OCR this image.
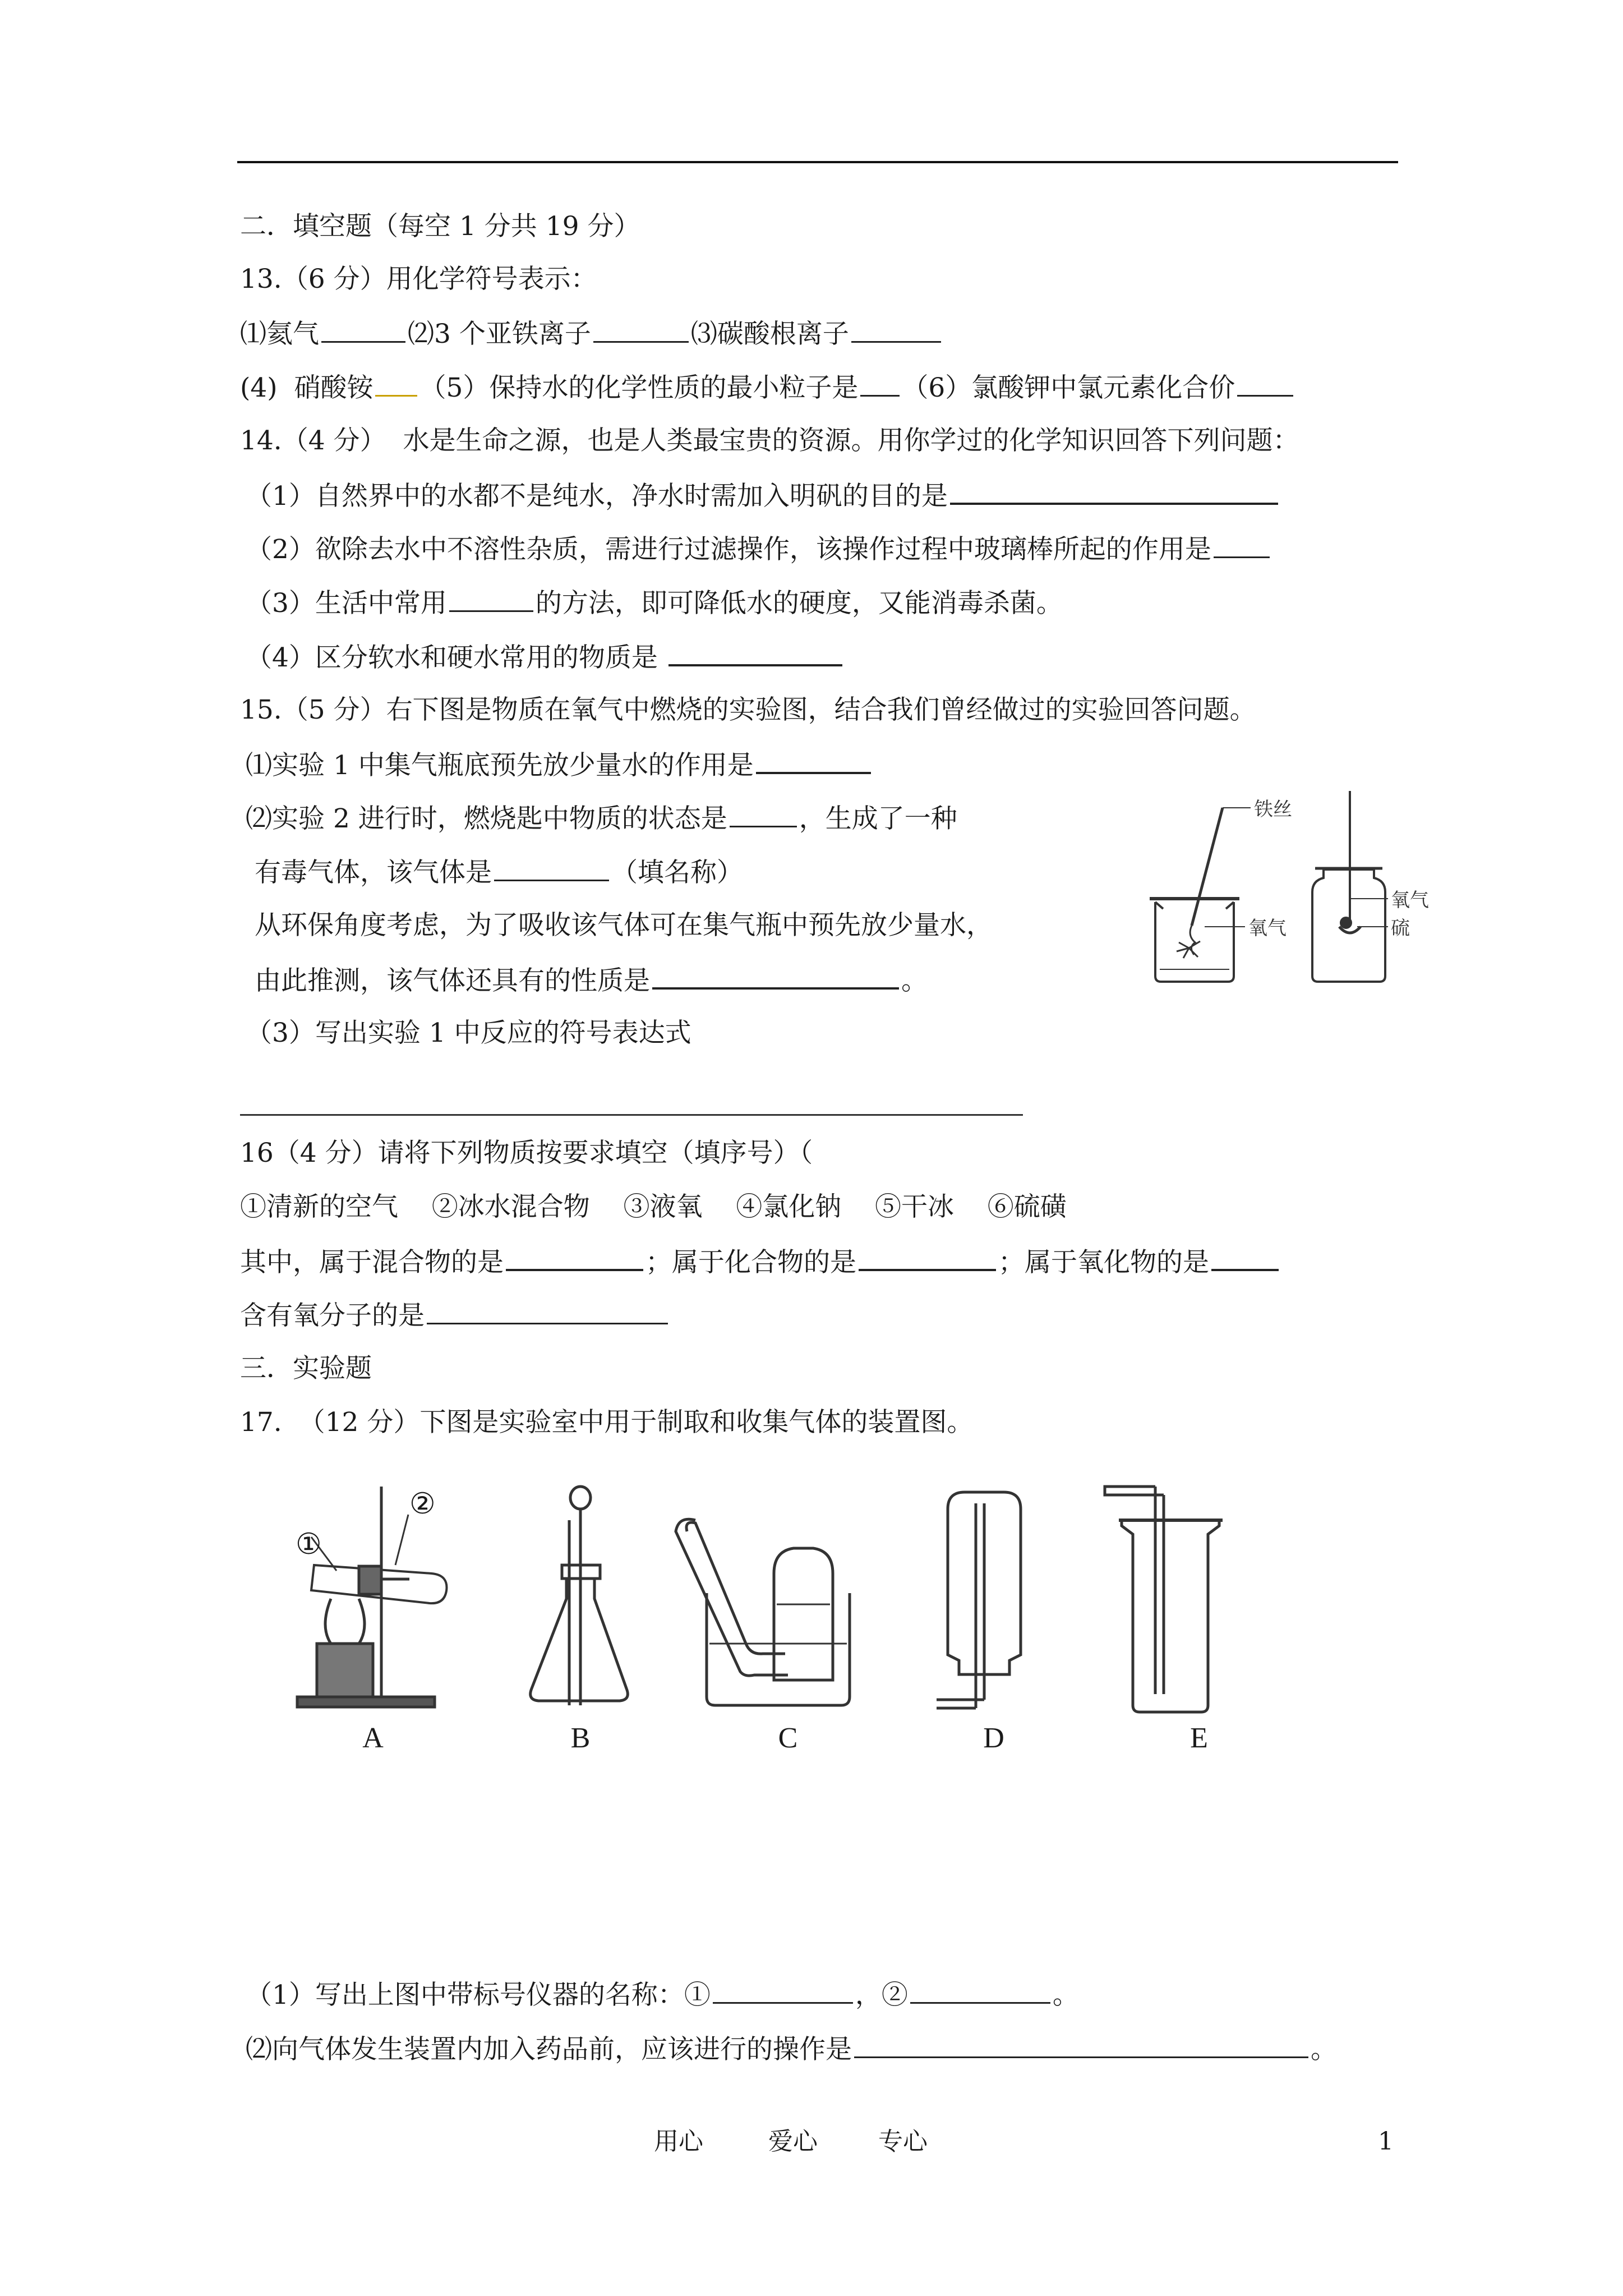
二．填空题（每空 1 分共 19 分）
13.（6 分）用化学符号表示：
⑴氦气	⑵3 个亚铁离子	⑶碳酸根离子
(4)  硝酸铵 （5）保持水的化学性质的最小粒子是 （6）氯酸钾中氯元素化合价
14.（4 分）  水是生命之源，也是人类最宝贵的资源。用你学过的化学知识回答下列问题：
（1）自然界中的水都不是纯水，净水时需加入明矾的目的是
（2）欲除去水中不溶性杂质，需进行过滤操作，该操作过程中玻璃棒所起的作用是
（3）生活中常用	的方法，即可降低水的硬度，又能消毒杀菌。
（4）区分软水和硬水常用的物质是
15.（5 分）右下图是物质在氧气中燃烧的实验图，结合我们曾经做过的实验回答问题。
⑴实验 1 中集气瓶底预先放少量水的作用是
⑵实验 2 进行时，燃烧匙中物质的状态是	，生成了一种
有毒气体，该气体是	（填名称）
从环保角度考虑，为了吸收该气体可在集气瓶中预先放少量水，
由此推测，该气体还具有的性质是	。
（3）写出实验 1 中反应的符号表达式
铁丝
氧气
氧气
硫
16（4 分）请将下列物质按要求填空（填序号）（
①清新的空气    ②冰水混合物    ③液氧    ④氯化钠    ⑤干冰    ⑥硫磺
其中，属于混合物的是	；属于化合物的是	；属于氧化物的是
含有氧分子的是
三．实验题
17.  （12 分）下图是实验室中用于制取和收集气体的装置图。
①
②
A	B	C	D	E
（1）写出上图中带标号仪器的名称：①	，②	。
⑵向气体发生装置内加入药品前，应该进行的操作是	。
用心	爱心 专心	1
